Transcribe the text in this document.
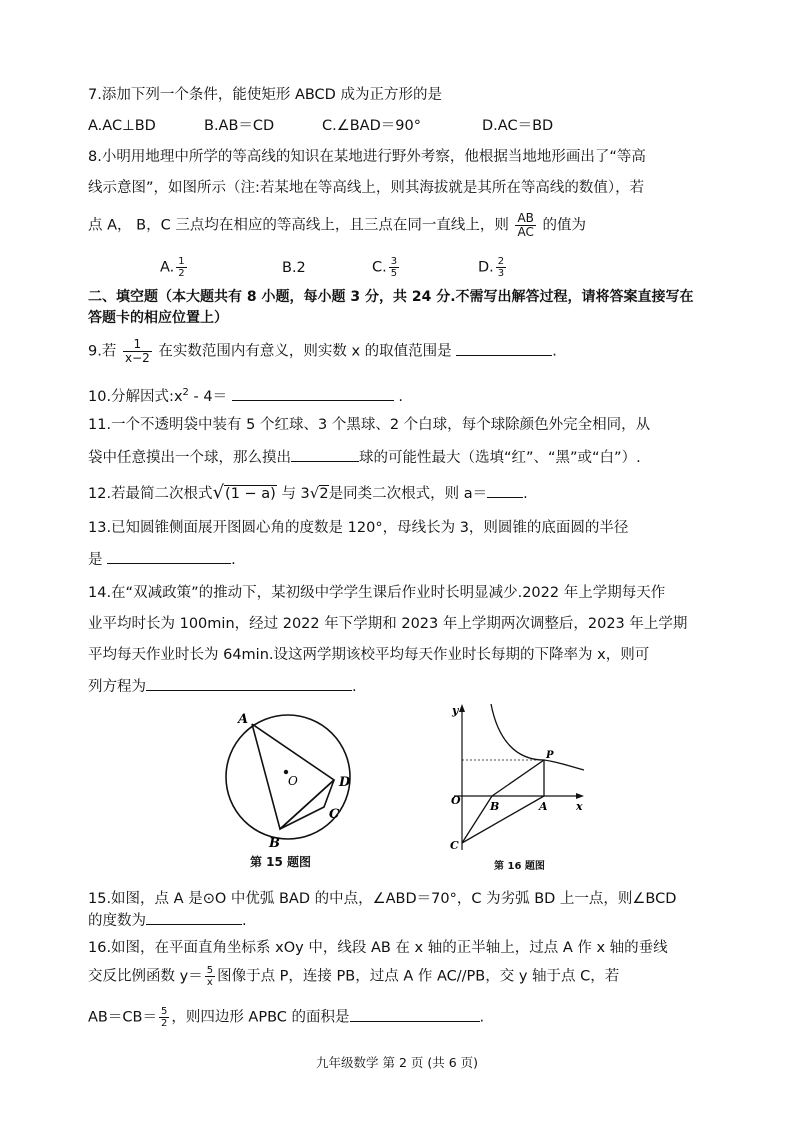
7.添加下列一个条件，能使矩形 ABCD 成为正方形的是
A.AC⊥BD	B.AB＝CD	C.∠BAD＝90°	D.AC＝BD
8.小明用地理中所学的等高线的知识在某地进行野外考察，他根据当地地形画出了“等高
线示意图”，如图所示（注:若某地在等高线上，则其海拔就是其所在等高线的数值），若
点 A， B，C 三点均在相应的等高线上，且三点在同一直线上，则 $\frac{AB}{AC}$ 的值为
A. $\frac{1}{2}$	B.2	C. $\frac{3}{5}$	D. $\frac{2}{3}$
二、填空题（本大题共有 8 小题，每小题 3 分，共 24 分.不需写出解答过程，请将答案直接写在
答题卡的相应位置上）
9.若 $\frac{1}{x-2}$ 在实数范围内有意义，则实数 x 的取值范围是	.
10.分解因式$:x^2 - 4=$	.
11.一个不透明袋中装有 5 个红球、3 个黑球、2 个白球，每个球除颜色外完全相同，从
袋中任意摸出一个球，那么摸出	球的可能性最大（选填“红”、“黑”或“白”）.
12.若最简二次根式√(1 − a) 与 3√2是同类二次根式，则 a＝ .
13.已知圆锥侧面展开图圆心角的度数是 120°，母线长为 3，则圆锥的底面圆的半径
是	.
14.在“双减政策”的推动下，某初级中学学生课后作业时长明显减少.2022 年上学期每天作
业平均时长为 100min，经过 2022 年下学期和 2023 年上学期两次调整后，2023 年上学期
平均每天作业时长为 64min.设这两学期该校平均每天作业时长每期的下降率为 x，则可
列方程为	.
A
O	D
C
B
第 15 题图
y
x
O	B	A
P
C
第 16 题图
15.如图，点 A 是⊙O 中优弧 BAD 的中点，∠ABD＝70°，C 为劣弧 BD 上一点，则∠BCD
的度数为	.
16.如图，在平面直角坐标系 xOy 中，线段 AB 在 x 轴的正半轴上，过点 A 作 x 轴的垂线
交反比例函数 $y= \frac{5}{x}$ 图像于点 P，连接 PB，过点 A 作 AC//PB，交 y 轴于点 C，若
$AB=CB= \frac{5}{2}$ ，则四边形 APBC 的面积是	.
九年级数学 第 2 页 (共 6 页)
